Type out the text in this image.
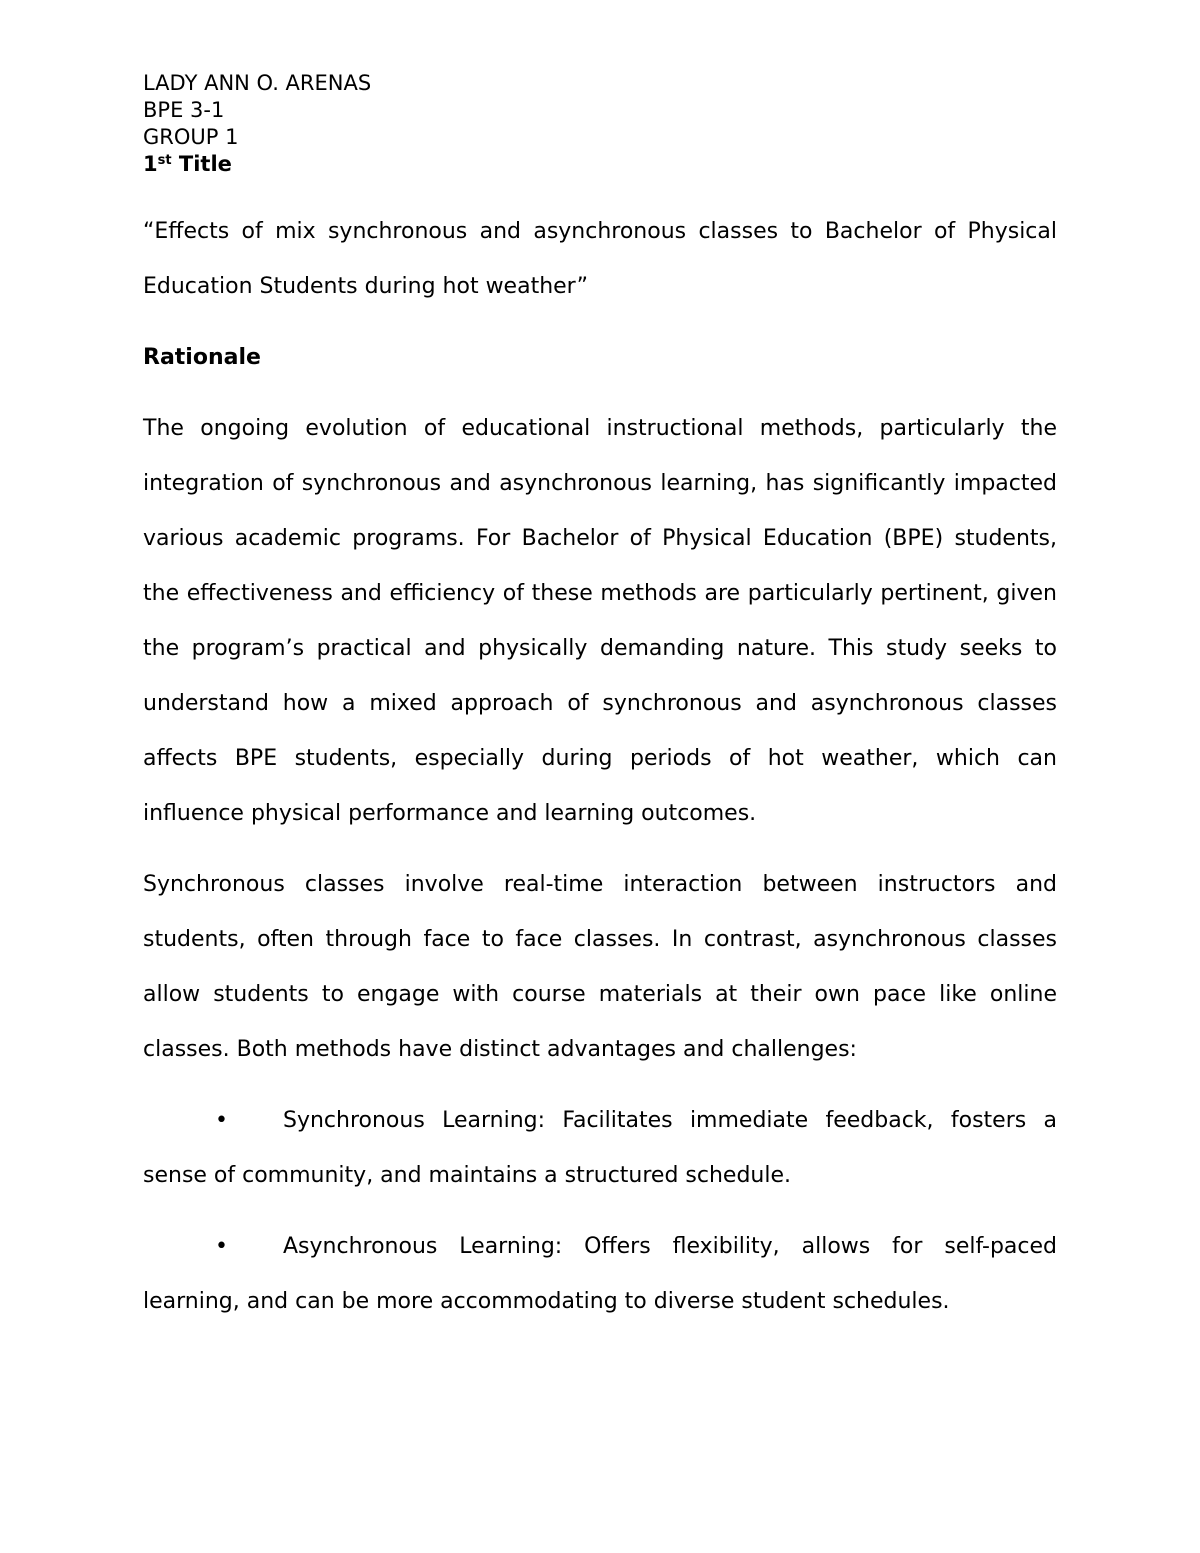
LADY ANN O. ARENAS

BPE 3-1

GROUP 1

1st Title

“Effects of mix synchronous and asynchronous classes to Bachelor of Physical Education Students during hot weather”

Rationale

The ongoing evolution of educational instructional methods, particularly the integration of synchronous and asynchronous learning, has significantly impacted various academic programs. For Bachelor of Physical Education (BPE) students, the effectiveness and efficiency of these methods are particularly pertinent, given the program’s practical and physically demanding nature. This study seeks to understand how a mixed approach of synchronous and asynchronous classes affects BPE students, especially during periods of hot weather, which can influence physical performance and learning outcomes.

Synchronous classes involve real-time interaction between instructors and students, often through face to face classes. In contrast, asynchronous classes allow students to engage with course materials at their own pace like online classes. Both methods have distinct advantages and challenges:

•	Synchronous Learning: Facilitates immediate feedback, fosters a sense of community, and maintains a structured schedule.

•	Asynchronous Learning: Offers flexibility, allows for self-paced learning, and can be more accommodating to diverse student schedules.
